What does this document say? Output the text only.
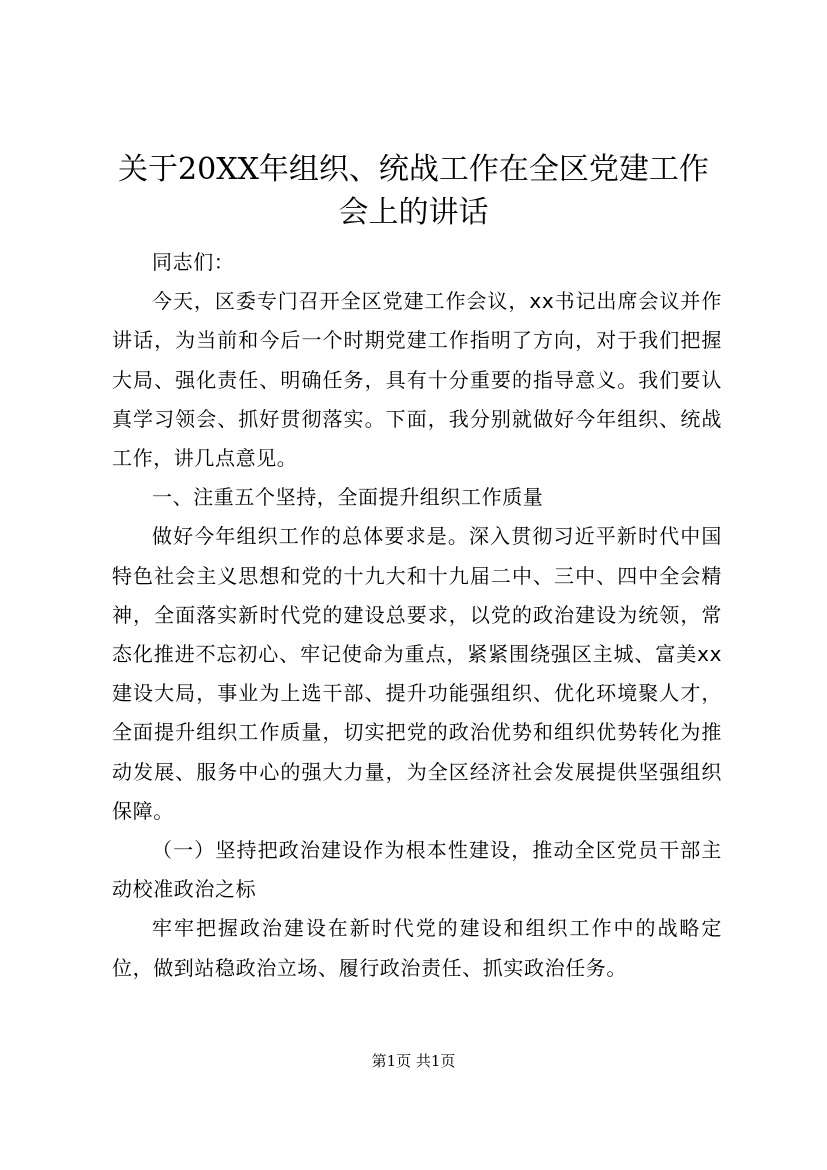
关于20XX年组织、统战工作在全区党建工作
会上的讲话

同志们：

今天，区委专门召开全区党建工作会议，xx书记出席会议并作讲话，为当前和今后一个时期党建工作指明了方向，对于我们把握大局、强化责任、明确任务，具有十分重要的指导意义。我们要认真学习领会、抓好贯彻落实。下面，我分别就做好今年组织、统战工作，讲几点意见。

一、注重五个坚持，全面提升组织工作质量

做好今年组织工作的总体要求是。深入贯彻习近平新时代中国特色社会主义思想和党的十九大和十九届二中、三中、四中全会精神，全面落实新时代党的建设总要求，以党的政治建设为统领，常态化推进不忘初心、牢记使命为重点，紧紧围绕强区主城、富美xx建设大局，事业为上选干部、提升功能强组织、优化环境聚人才，全面提升组织工作质量，切实把党的政治优势和组织优势转化为推动发展、服务中心的强大力量，为全区经济社会发展提供坚强组织保障。

（一）坚持把政治建设作为根本性建设，推动全区党员干部主动校准政治之标

牢牢把握政治建设在新时代党的建设和组织工作中的战略定位，做到站稳政治立场、履行政治责任、抓实政治任务。

第1页 共1页
